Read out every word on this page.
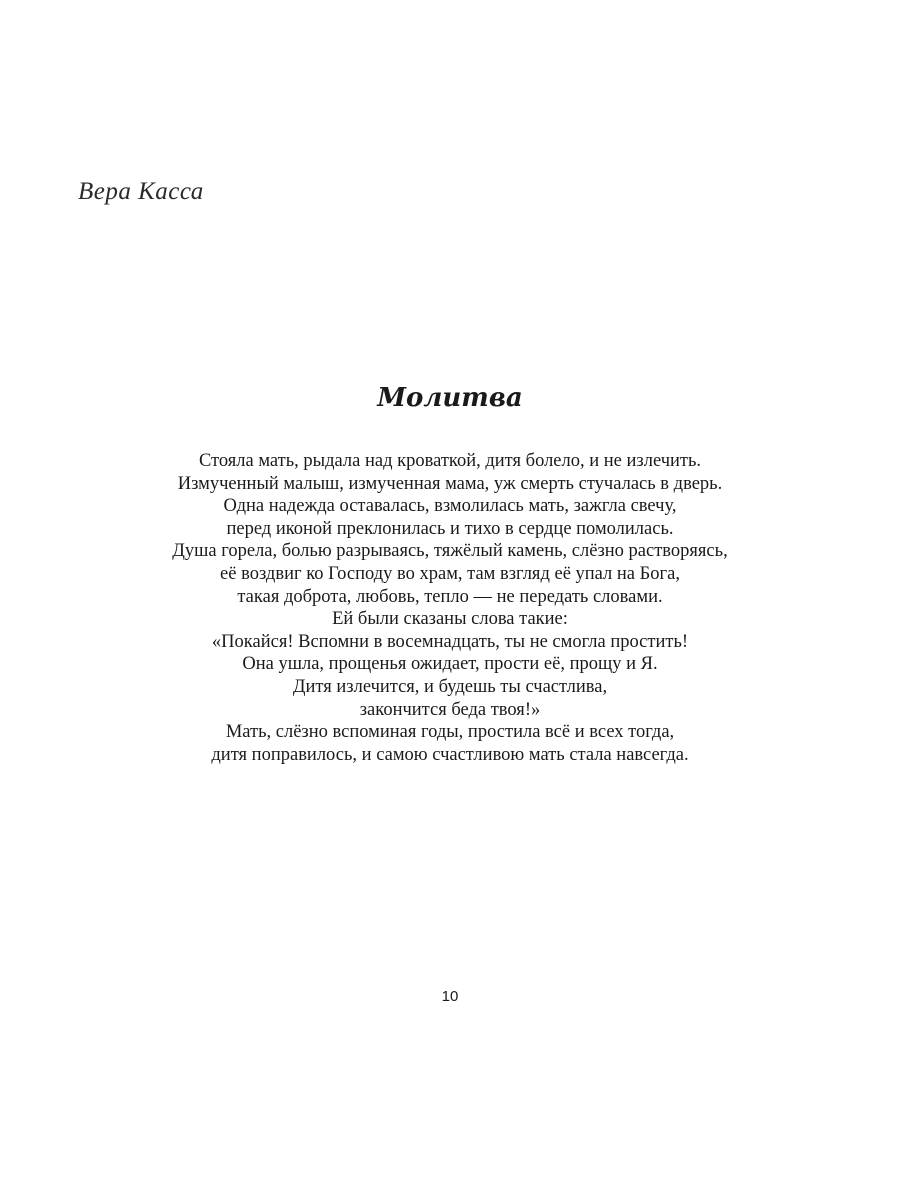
Вера Касса
Молитва
Стояла мать, рыдала над кроваткой, дитя болело, и не излечить.
Измученный малыш, измученная мама, уж смерть стучалась в дверь.
Одна надежда оставалась, взмолилась мать, зажгла свечу,
перед иконой преклонилась и тихо в сердце помолилась.
Душа горела, болью разрываясь, тяжёлый камень, слёзно растворяясь,
её воздвиг ко Господу во храм, там взгляд её упал на Бога,
такая доброта, любовь, тепло — не передать словами.
Ей были сказаны слова такие:
«Покайся! Вспомни в восемнадцать, ты не смогла простить!
Она ушла, прощенья ожидает, прости её, прощу и Я.
Дитя излечится, и будешь ты счастлива,
закончится беда твоя!»
Мать, слёзно вспоминая годы, простила всё и всех тогда,
дитя поправилось, и самою счастливою мать стала навсегда.
10
